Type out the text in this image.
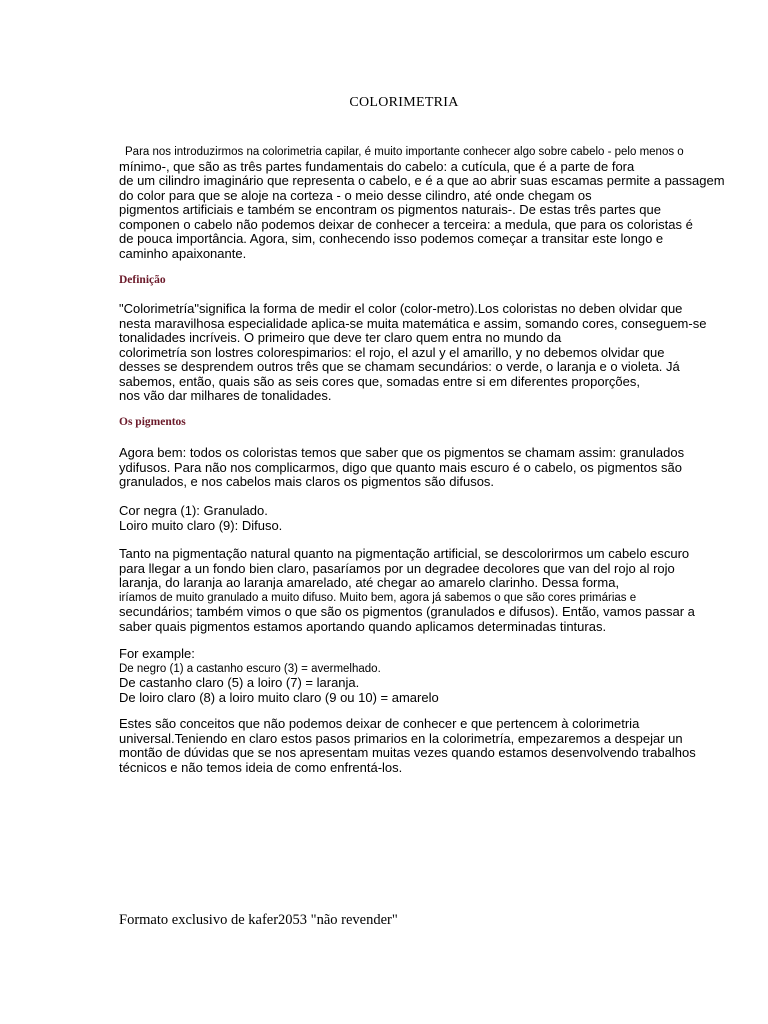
COLORIMETRIA
Para nos introduzirmos na colorimetria capilar, é muito importante conhecer algo sobre cabelo - pelo menos o
mínimo-, que são as três partes fundamentais do cabelo: a cutícula, que é a parte de fora
de um cilindro imaginário que representa o cabelo, e é a que ao abrir suas escamas permite a passagem
do color para que se aloje na corteza - o meio desse cilindro, até onde chegam os
pigmentos artificiais e também se encontram os pigmentos naturais-. De estas três partes que
componen o cabelo não podemos deixar de conhecer a terceira: a medula, que para os coloristas é
de pouca importância. Agora, sim, conhecendo isso podemos começar a transitar este longo e
caminho apaixonante.
Definição
"Colorimetría"significa la forma de medir el color (color-metro).Los coloristas no deben olvidar que
nesta maravilhosa especialidade aplica-se muita matemática e assim, somando cores, conseguem-se
tonalidades incríveis. O primeiro que deve ter claro quem entra no mundo da
colorimetría son lostres colorespimarios: el rojo, el azul y el amarillo, y no debemos olvidar que
desses se desprendem outros três que se chamam secundários: o verde, o laranja e o violeta. Já
sabemos, então, quais são as seis cores que, somadas entre si em diferentes proporções,
nos vão dar milhares de tonalidades.
Os pigmentos
Agora bem: todos os coloristas temos que saber que os pigmentos se chamam assim: granulados
ydifusos. Para não nos complicarmos, digo que quanto mais escuro é o cabelo, os pigmentos são
granulados, e nos cabelos mais claros os pigmentos são difusos.
Cor negra (1): Granulado.
Loiro muito claro (9): Difuso.
Tanto na pigmentação natural quanto na pigmentação artificial, se descolorirmos um cabelo escuro
para llegar a un fondo bien claro, pasaríamos por un degradee decolores que van del rojo al rojo
laranja, do laranja ao laranja amarelado, até chegar ao amarelo clarinho. Dessa forma,
iríamos de muito granulado a muito difuso. Muito bem, agora já sabemos o que são cores primárias e
secundários; também vimos o que são os pigmentos (granulados e difusos). Então, vamos passar a
saber quais pigmentos estamos aportando quando aplicamos determinadas tinturas.
For example:
De negro (1) a castanho escuro (3) = avermelhado.
De castanho claro (5) a loiro (7) = laranja.
De loiro claro (8) a loiro muito claro (9 ou 10) = amarelo
Estes são conceitos que não podemos deixar de conhecer e que pertencem à colorimetria
universal.Teniendo en claro estos pasos primarios en la colorimetría, empezaremos a despejar un
montão de dúvidas que se nos apresentam muitas vezes quando estamos desenvolvendo trabalhos
técnicos e não temos ideia de como enfrentá-los.
Formato exclusivo de kafer2053 "não revender"
